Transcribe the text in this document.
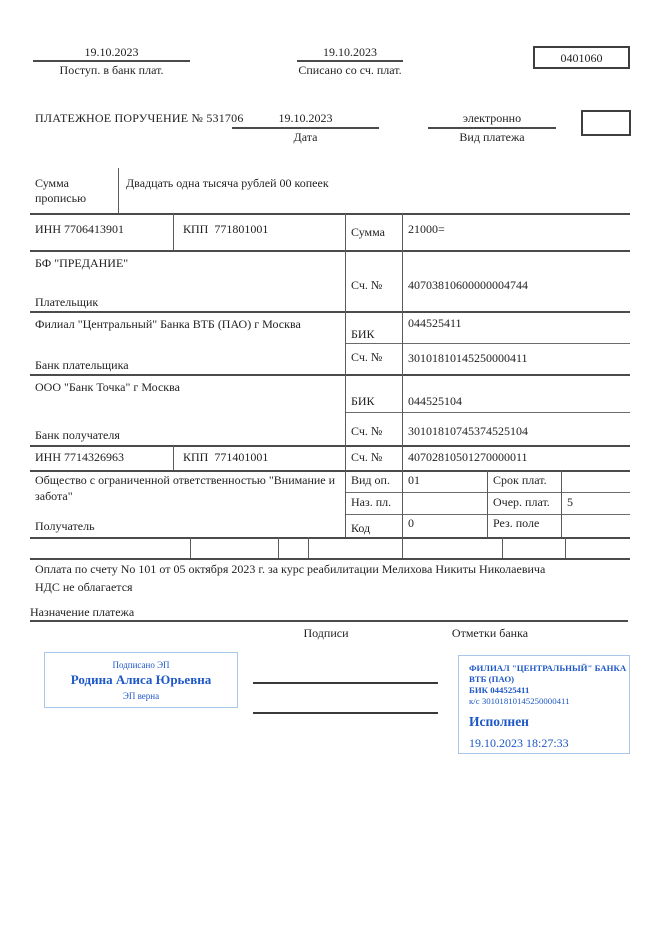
19.10.2023
Поступ. в банк плат.
19.10.2023
Списано со сч. плат.
0401060
ПЛАТЕЖНОЕ ПОРУЧЕНИЕ № 531706	19.10.2023
Дата
электронно
Вид платежа
Сумма
прописью
Двадцать одна тысяча рублей 00 копеек
ИНН 7706413901	КПП  771801001	Сумма 21000=
БФ "ПРЕДАНИЕ"
Плательщик
Сч. № 40703810600000004744
Филиал "Центральный" Банка ВТБ (ПАО) г Москва
БИК
044525411
Сч. № 30101810145250000411
Банк плательщика
ООО "Банк Точка" г Москва
БИК	044525104
Сч. № 30101810745374525104
Банк получателя
ИНН 7714326963	КПП  771401001	Сч. № 40702810501270000011
Общество с ограниченной ответственностью "Внимание и
забота"
Получатель
Вид оп. 01	Срок плат.
Наз. пл.	Очер. плат. 5
Код	0	Рез. поле
Оплата по счету No 101 от 05 октября 2023 г. за курс реабилитации Мелихова Никиты Николаевича
НДС не облагается
Назначение платежа
Подписи	Отметки банка
Подписано ЭП
Родина Алиса Юрьевна
ЭП верна
ФИЛИАЛ "ЦЕНТРАЛЬНЫЙ" БАНКА
ВТБ (ПАО)
БИК 044525411
к/с 30101810145250000411
Исполнен
19.10.2023 18:27:33
